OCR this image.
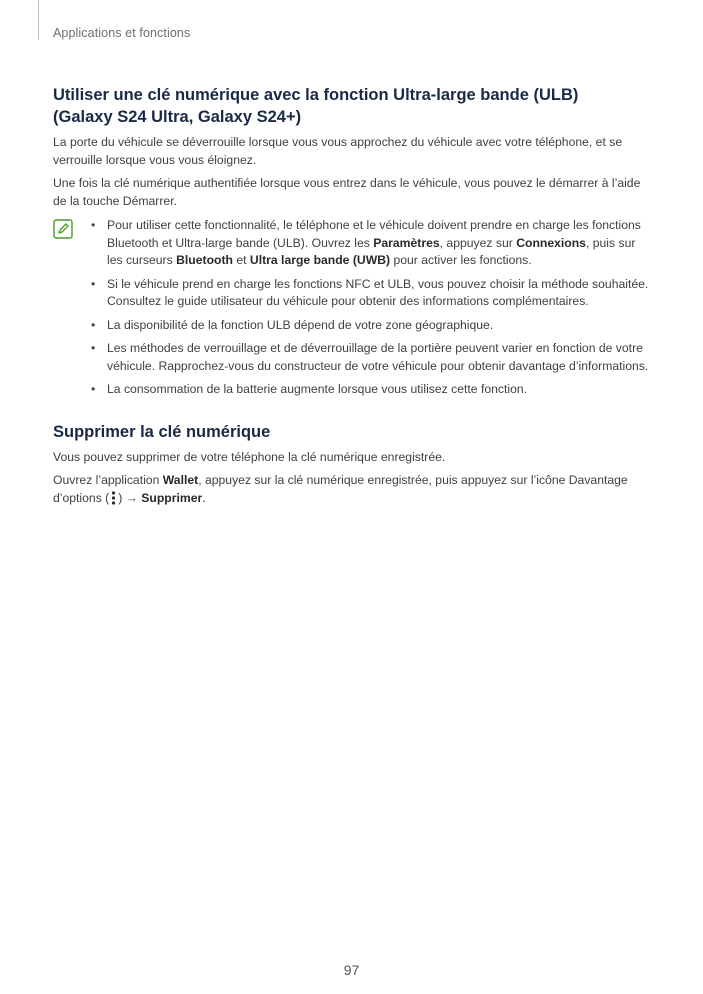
Applications et fonctions
Utiliser une clé numérique avec la fonction Ultra-large bande (ULB)
(Galaxy S24 Ultra, Galaxy S24+)

La porte du véhicule se déverrouille lorsque vous vous approchez du véhicule avec votre téléphone, et se verrouille lorsque vous vous éloignez.

Une fois la clé numérique authentifiée lorsque vous entrez dans le véhicule, vous pouvez le démarrer à l’aide de la touche Démarrer.

• Pour utiliser cette fonctionnalité, le téléphone et le véhicule doivent prendre en charge les fonctions Bluetooth et Ultra-large bande (ULB). Ouvrez les Paramètres, appuyez sur Connexions, puis sur les curseurs Bluetooth et Ultra large bande (UWB) pour activer les fonctions.
• Si le véhicule prend en charge les fonctions NFC et ULB, vous pouvez choisir la méthode souhaitée. Consultez le guide utilisateur du véhicule pour obtenir des informations complémentaires.
• La disponibilité de la fonction ULB dépend de votre zone géographique.
• Les méthodes de verrouillage et de déverrouillage de la portière peuvent varier en fonction de votre véhicule. Rapprochez-vous du constructeur de votre véhicule pour obtenir davantage d’informations.
• La consommation de la batterie augmente lorsque vous utilisez cette fonction.
Supprimer la clé numérique

Vous pouvez supprimer de votre téléphone la clé numérique enregistrée.

Ouvrez l’application Wallet, appuyez sur la clé numérique enregistrée, puis appuyez sur l’icône Davantage d’options ( ) → Supprimer.

97
